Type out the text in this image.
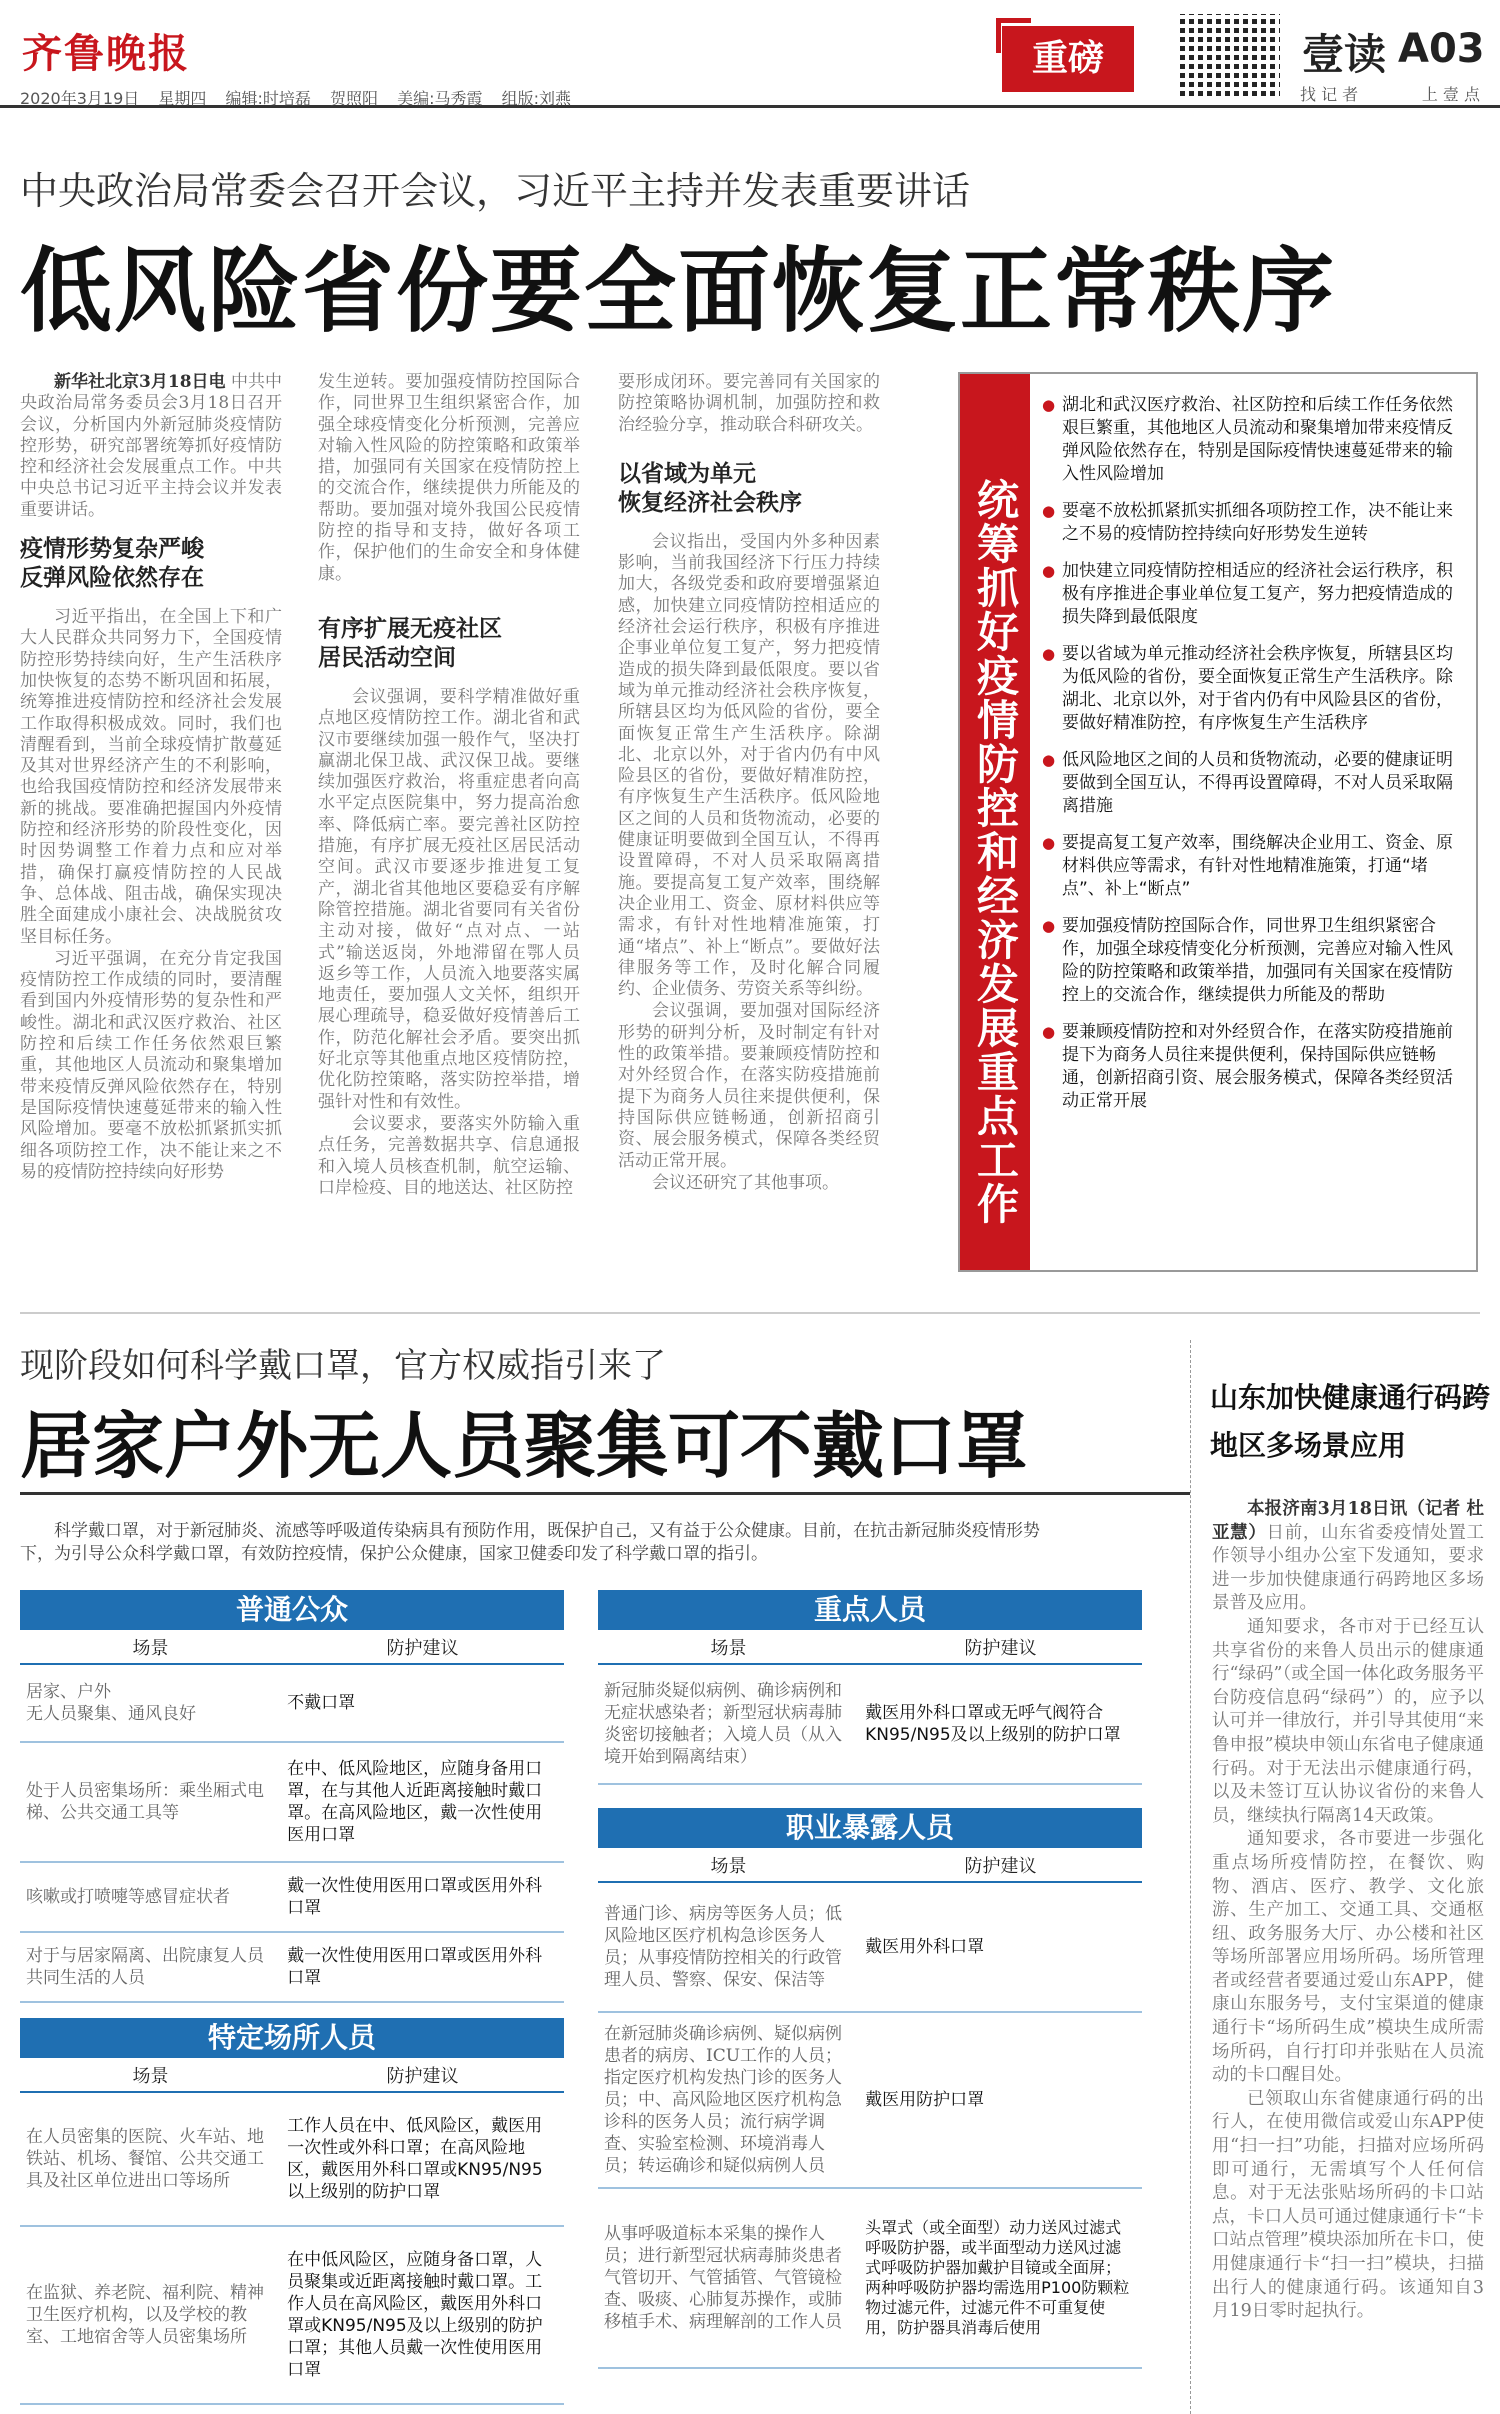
齐鲁晚报
2020年3月19日 星期四 编辑:时培磊 贺照阳 美编:马秀霞 组版:刘燕
重磅	壹读 A03
找 记 者	上 壹 点
中央政治局常委会召开会议，习近平主持并发表重要讲话
低风险省份要全面恢复正常秩序

新华社北京3月18日电 中共中央政治局常务委员会3月18日召开会议，分析国内外新冠肺炎疫情防控形势，研究部署统筹抓好疫情防控和经济社会发展重点工作。中共中央总书记习近平主持会议并发表重要讲话。

疫情形势复杂严峻
反弹风险依然存在

习近平指出，在全国上下和广大人民群众共同努力下，全国疫情防控形势持续向好，生产生活秩序加快恢复的态势不断巩固和拓展，统筹推进疫情防控和经济社会发展工作取得积极成效。同时，我们也清醒看到，当前全球疫情扩散蔓延及其对世界经济产生的不利影响，也给我国疫情防控和经济发展带来新的挑战。要准确把握国内外疫情防控和经济形势的阶段性变化，因时因势调整工作着力点和应对举措，确保打赢疫情防控的人民战争、总体战、阻击战，确保实现决胜全面建成小康社会、决战脱贫攻坚目标任务。

习近平强调，在充分肯定我国疫情防控工作成绩的同时，要清醒看到国内外疫情形势的复杂性和严峻性。湖北和武汉医疗救治、社区防控和后续工作任务依然艰巨繁重，其他地区人员流动和聚集增加带来疫情反弹风险依然存在，特别是国际疫情快速蔓延带来的输入性风险增加。要毫不放松抓紧抓实抓细各项防控工作，决不能让来之不易的疫情防控持续向好形势

发生逆转。要加强疫情防控国际合作，同世界卫生组织紧密合作，加强全球疫情变化分析预测，完善应对输入性风险的防控策略和政策举措，加强同有关国家在疫情防控上的交流合作，继续提供力所能及的帮助。要加强对境外我国公民疫情防控的指导和支持，做好各项工作，保护他们的生命安全和身体健康。

有序扩展无疫社区
居民活动空间

会议强调，要科学精准做好重点地区疫情防控工作。湖北省和武汉市要继续加强一般作气，坚决打赢湖北保卫战、武汉保卫战。要继续加强医疗救治，将重症患者向高水平定点医院集中，努力提高治愈率、降低病亡率。要完善社区防控措施，有序扩展无疫社区居民活动空间。武汉市要逐步推进复工复产，湖北省其他地区要稳妥有序解除管控措施。湖北省要同有关省份主动对接，做好“点对点、一站式”输送返岗，外地滞留在鄂人员返乡等工作，人员流入地要落实属地责任，要加强人文关怀，组织开展心理疏导，稳妥做好疫情善后工作，防范化解社会矛盾。要突出抓好北京等其他重点地区疫情防控，优化防控策略，落实防控举措，增强针对性和有效性。

会议要求，要落实外防输入重点任务，完善数据共享、信息通报和入境人员核查机制，航空运输、口岸检疫、目的地送达、社区防控

要形成闭环。要完善同有关国家的防控策略协调机制，加强防控和救治经验分享，推动联合科研攻关。

以省域为单元
恢复经济社会秩序

会议指出，受国内外多种因素影响，当前我国经济下行压力持续加大，各级党委和政府要增强紧迫感，加快建立同疫情防控相适应的经济社会运行秩序，积极有序推进企事业单位复工复产，努力把疫情造成的损失降到最低限度。要以省域为单元推动经济社会秩序恢复，所辖县区均为低风险的省份，要全面恢复正常生产生活秩序。除湖北、北京以外，对于省内仍有中风险县区的省份，要做好精准防控，有序恢复生产生活秩序。低风险地区之间的人员和货物流动，必要的健康证明要做到全国互认，不得再设置障碍，不对人员采取隔离措施。要提高复工复产效率，围绕解决企业用工、资金、原材料供应等需求，有针对性地精准施策，打通“堵点”、补上“断点”。要做好法律服务等工作，及时化解合同履约、企业债务、劳资关系等纠纷。

会议强调，要加强对国际经济形势的研判分析，及时制定有针对性的政策举措。要兼顾疫情防控和对外经贸合作，在落实防疫措施前提下为商务人员往来提供便利，保持国际供应链畅通，创新招商引资、展会服务模式，保障各类经贸活动正常开展。

会议还研究了其他事项。	统筹抓好疫情防控和经济发展重点工作
● 湖北和武汉医疗救治、社区防控和后续工作任务依然艰巨繁重，其他地区人员流动和聚集增加带来疫情反弹风险依然存在，特别是国际疫情快速蔓延带来的输入性风险增加
● 要毫不放松抓紧抓实抓细各项防控工作，决不能让来之不易的疫情防控持续向好形势发生逆转
● 加快建立同疫情防控相适应的经济社会运行秩序，积极有序推进企事业单位复工复产，努力把疫情造成的损失降到最低限度
● 要以省域为单元推动经济社会秩序恢复，所辖县区均为低风险的省份，要全面恢复正常生产生活秩序。除湖北、北京以外，对于省内仍有中风险县区的省份，要做好精准防控，有序恢复生产生活秩序
● 低风险地区之间的人员和货物流动，必要的健康证明要做到全国互认，不得再设置障碍，不对人员采取隔离措施
● 要提高复工复产效率，围绕解决企业用工、资金、原材料供应等需求，有针对性地精准施策，打通“堵点”、补上“断点”
● 要加强疫情防控国际合作，同世界卫生组织紧密合作，加强全球疫情变化分析预测，完善应对输入性风险的防控策略和政策举措，加强同有关国家在疫情防控上的交流合作，继续提供力所能及的帮助
● 要兼顾疫情防控和对外经贸合作，在落实防疫措施前提下为商务人员往来提供便利，保持国际供应链畅通，创新招商引资、展会服务模式，保障各类经贸活动正常开展
现阶段如何科学戴口罩，官方权威指引来了
居家户外无人员聚集可不戴口罩
科学戴口罩，对于新冠肺炎、流感等呼吸道传染病具有预防作用，既保护自己，又有益于公众健康。目前，在抗击新冠肺炎疫情形势下，为引导公众科学戴口罩，有效防控疫情，保护公众健康，国家卫健委印发了科学戴口罩的指引。
普通公众
场景	防护建议
居家、户外
无人员聚集、通风良好	不戴口罩
处于人员密集场所：乘坐厢式电梯、公共交通工具等	在中、低风险地区，应随身备用口罩，在与其他人近距离接触时戴口罩。在高风险地区，戴一次性使用医用口罩
咳嗽或打喷嚏等感冒症状者	戴一次性使用医用口罩或医用外科口罩
对于与居家隔离、出院康复人员共同生活的人员	戴一次性使用医用口罩或医用外科口罩
特定场所人员
场景	防护建议
在人员密集的医院、火车站、地铁站、机场、餐馆、公共交通工具及社区单位进出口等场所	工作人员在中、低风险区，戴医用一次性或外科口罩；在高风险地区，戴医用外科口罩或KN95/N95以上级别的防护口罩
在监狱、养老院、福利院、精神卫生医疗机构，以及学校的教室、工地宿舍等人员密集场所	在中低风险区，应随身备口罩，人员聚集或近距离接触时戴口罩。工作人员在高风险区，戴医用外科口罩或KN95/N95及以上级别的防护口罩；其他人员戴一次性使用医用口罩
重点人员
场景	防护建议
新冠肺炎疑似病例、确诊病例和无症状感染者；新型冠状病毒肺炎密切接触者；入境人员（从入境开始到隔离结束）	戴医用外科口罩或无呼气阀符合KN95/N95及以上级别的防护口罩
职业暴露人员
场景	防护建议
普通门诊、病房等医务人员；低风险地区医疗机构急诊医务人员；从事疫情防控相关的行政管理人员、警察、保安、保洁等	戴医用外科口罩
在新冠肺炎确诊病例、疑似病例患者的病房、ICU工作的人员；指定医疗机构发热门诊的医务人员；中、高风险地区医疗机构急诊科的医务人员；流行病学调查、实验室检测、环境消毒人员；转运确诊和疑似病例人员	戴医用防护口罩
从事呼吸道标本采集的操作人员；进行新型冠状病毒肺炎患者气管切开、气管插管、气管镜检查、吸痰、心肺复苏操作，或肺移植手术、病理解剖的工作人员	头罩式（或全面型）动力送风过滤式呼吸防护器，或半面型动力送风过滤式呼吸防护器加戴护目镜或全面屏；两种呼吸防护器均需选用P100防颗粒物过滤元件，过滤元件不可重复使用，防护器具消毒后使用
山东加快健康通行码跨地区多场景应用

本报济南3月18日讯（记者 杜亚慧）日前，山东省委疫情处置工作领导小组办公室下发通知，要求进一步加快健康通行码跨地区多场景普及应用。

通知要求，各市对于已经互认共享省份的来鲁人员出示的健康通行“绿码”（或全国一体化政务服务平台防疫信息码“绿码”）的，应予以认可并一律放行，并引导其使用“来鲁申报”模块申领山东省电子健康通行码。对于无法出示健康通行码，以及未签订互认协议省份的来鲁人员，继续执行隔离14天政策。

通知要求，各市要进一步强化重点场所疫情防控，在餐饮、购物、酒店、医疗、教学、文化旅游、生产加工、交通工具、交通枢纽、政务服务大厅、办公楼和社区等场所部署应用场所码。场所管理者或经营者要通过爱山东APP，健康山东服务号，支付宝渠道的健康通行卡“场所码生成”模块生成所需场所码，自行打印并张贴在人员流动的卡口醒目处。

已领取山东省健康通行码的出行人，在使用微信或爱山东APP使用“扫一扫”功能，扫描对应场所码即可通行，无需填写个人任何信息。对于无法张贴场所码的卡口站点，卡口人员可通过健康通行卡“卡口站点管理”模块添加所在卡口，使用健康通行卡“扫一扫”模块，扫描出行人的健康通行码。该通知自3月19日零时起执行。
